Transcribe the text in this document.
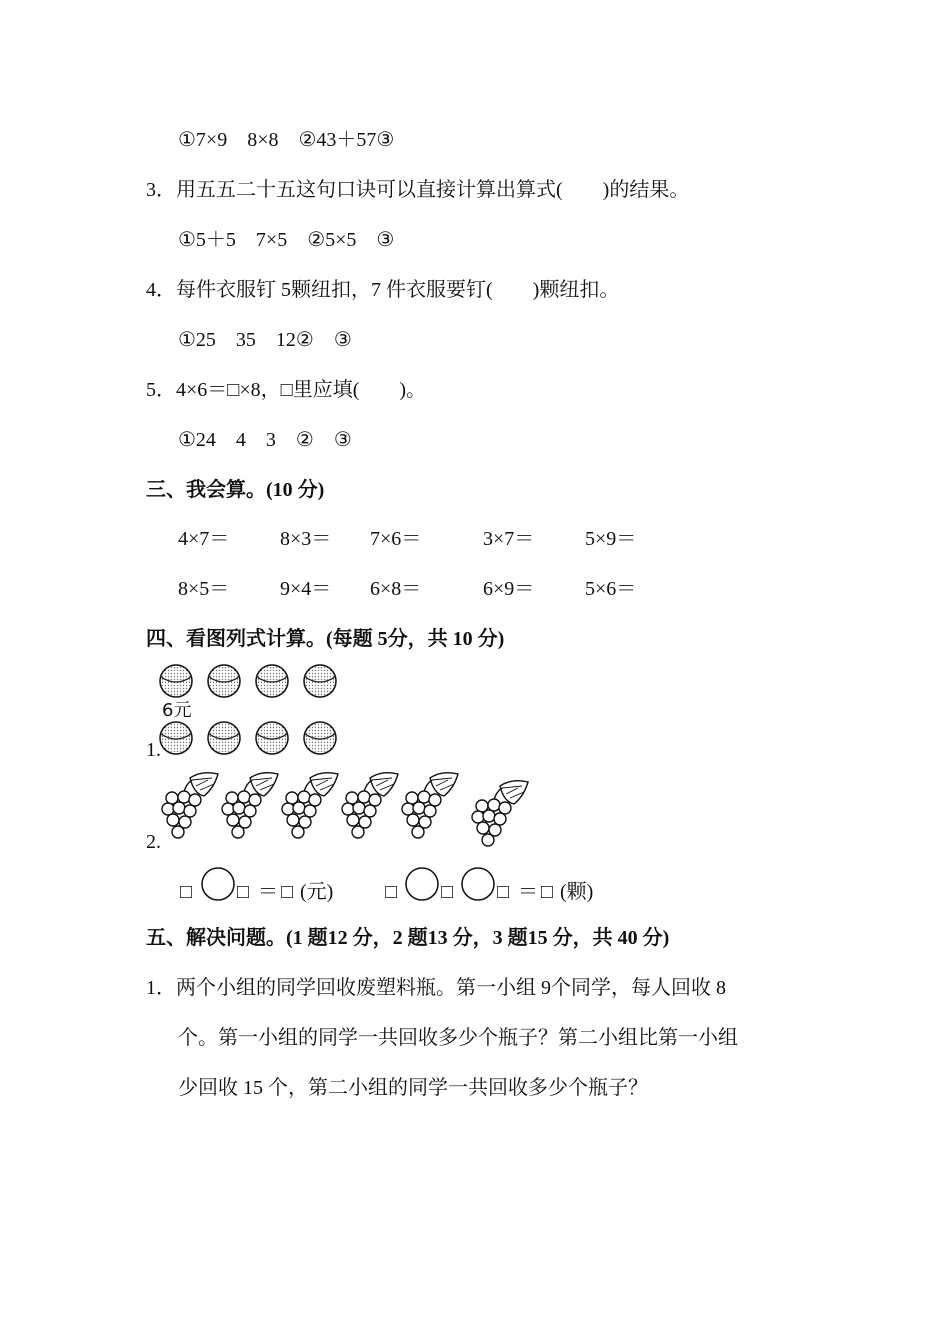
①7×9　8×8　②43＋57③
3．用五五二十五这句口诀可以直接计算出算式(　　)的结果。
①5＋5　7×5　②5×5　③
4．每件衣服钉 5颗纽扣，7 件衣服要钉(　　)颗纽扣。
①25　35　12②　③
5．4×6＝□×8，□里应填(　　)。
①24　4　3　②　③
三、我会算。(10 分)
4×7＝	8×3＝ 7×6＝	3×7＝	5×9＝
8×5＝	9×4＝ 6×8＝	6×9＝	5×6＝
四、看图列式计算。(每题 5分，共 10 分)
6元
1.
2.
□ □ ＝ □ (元)	□ □ □ ＝ □ (颗)
五、解决问题。(1 题12 分，2 题13 分，3 题15 分，共 40 分)
1．两个小组的同学回收废塑料瓶。第一小组 9个同学，每人回收 8
个。第一小组的同学一共回收多少个瓶子？第二小组比第一小组
少回收 15 个，第二小组的同学一共回收多少个瓶子？
